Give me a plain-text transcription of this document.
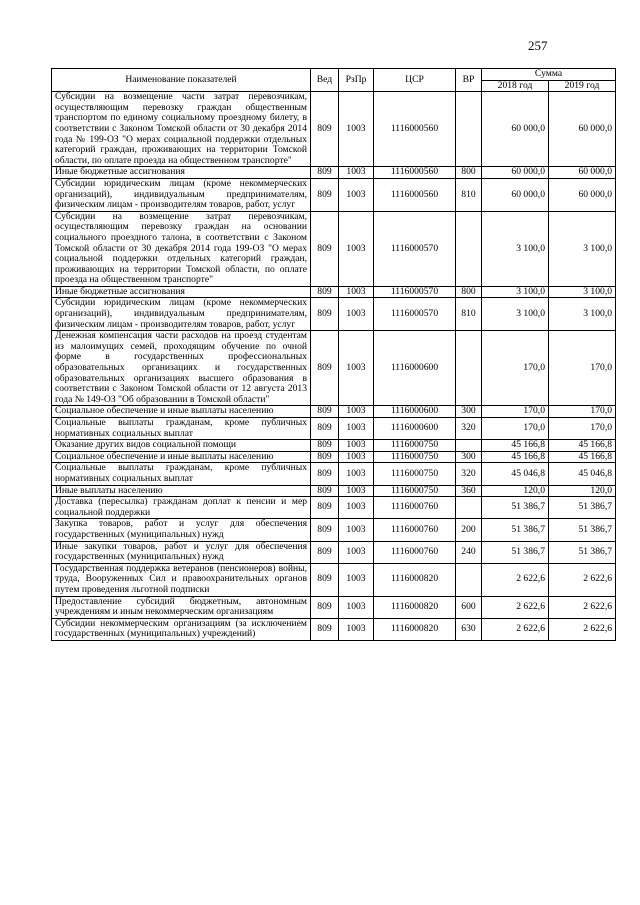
257
Наименование показателей	Вед	РзПр	ЦСР	ВР	Сумма	
					2018 год	2019 год
Субсидии на возмещение части затрат перевозчикам, осуществляющим перевозку граждан общественным транспортом по единому социальному проездному билету, в соответствии с Законом Томской области от 30 декабря 2014 года № 199-ОЗ "О мерах социальной поддержки отдельных категорий граждан, проживающих на территории Томской области, по оплате проезда на общественном транспорте"	809	1003	1116000560		60 000,0	60 000,0
Иные бюджетные ассигнования	809	1003	1116000560	800	60 000,0	60 000,0
Субсидии юридическим лицам (кроме некоммерческих организаций), индивидуальным предпринимателям, физическим лицам - производителям товаров, работ, услуг	809	1003	1116000560	810	60 000,0	60 000,0
Субсидии на возмещение затрат перевозчикам, осуществляющим перевозку граждан на основании социального проездного талона, в соответствии с Законом Томской области от 30 декабря 2014 года 199-ОЗ "О мерах социальной поддержки отдельных категорий граждан, проживающих на территории Томской области, по оплате проезда на общественном транспорте"	809	1003	1116000570		3 100,0	3 100,0
Иные бюджетные ассигнования	809	1003	1116000570	800	3 100,0	3 100,0
Субсидии юридическим лицам (кроме некоммерческих организаций), индивидуальным предпринимателям, физическим лицам - производителям товаров, работ, услуг	809	1003	1116000570	810	3 100,0	3 100,0
Денежная компенсация части расходов на проезд студентам из малоимущих семей, проходящим обучение по очной форме в государственных профессиональных образовательных организациях и государственных образовательных организациях высшего образования в соответствии с Законом Томской области от 12 августа 2013 года № 149-ОЗ "Об образовании в Томской области"	809	1003	1116000600		170,0	170,0
Социальное обеспечение и иные выплаты населению	809	1003	1116000600	300	170,0	170,0
Социальные выплаты гражданам, кроме публичных нормативных социальных выплат	809	1003	1116000600	320	170,0	170,0
Оказание других видов социальной помощи	809	1003	1116000750		45 166,8	45 166,8
Социальное обеспечение и иные выплаты населению	809	1003	1116000750	300	45 166,8	45 166,8
Социальные выплаты гражданам, кроме публичных нормативных социальных выплат	809	1003	1116000750	320	45 046,8	45 046,8
Иные выплаты населению	809	1003	1116000750	360	120,0	120,0
Доставка (пересылка) гражданам доплат к пенсии и мер социальной поддержки	809	1003	1116000760		51 386,7	51 386,7
Закупка товаров, работ и услуг для обеспечения государственных (муниципальных) нужд	809	1003	1116000760	200	51 386,7	51 386,7
Иные закупки товаров, работ и услуг для обеспечения государственных (муниципальных) нужд	809	1003	1116000760	240	51 386,7	51 386,7
Государственная поддержка ветеранов (пенсионеров) войны, труда, Вооруженных Сил и правоохранительных органов путем проведения льготной подписки	809	1003	1116000820		2 622,6	2 622,6
Предоставление субсидий бюджетным, автономным учреждениям и иным некоммерческим организациям	809	1003	1116000820	600	2 622,6	2 622,6
Субсидии некоммерческим организациям (за исключением государственных (муниципальных) учреждений)	809	1003	1116000820	630	2 622,6	2 622,6
